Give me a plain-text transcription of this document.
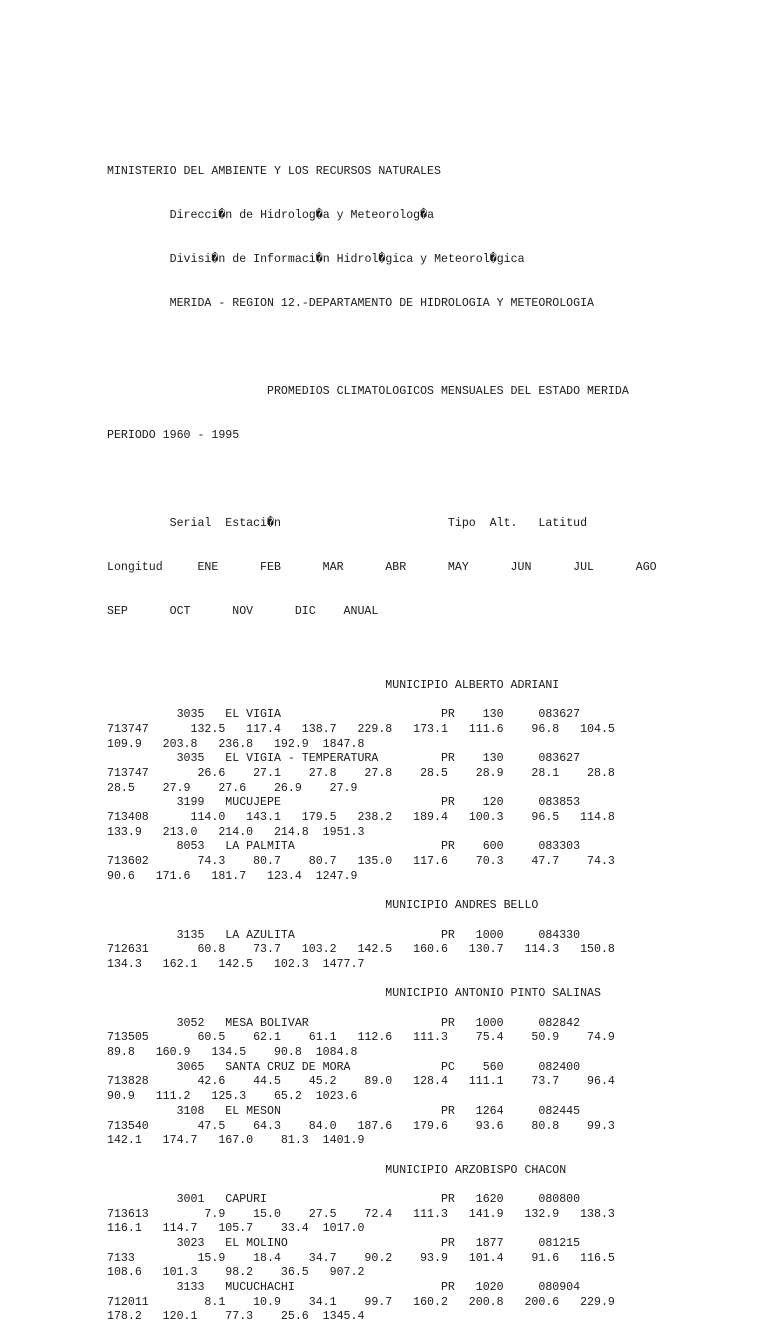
MINISTERIO DEL AMBIENTE Y LOS RECURSOS NATURALES

Direcci�n de Hidrolog�a y Meteorolog�a

Divisi�n de Informaci�n Hidrol�gica y Meteorol�gica

MERIDA - REGION 12.-DEPARTAMENTO DE HIDROLOGIA Y METEOROLOGIA

PROMEDIOS CLIMATOLOGICOS MENSUALES DEL ESTADO MERIDA

PERIODO 1960 - 1995

Serial  Estaci�n                        Tipo  Alt.   Latitud

Longitud     ENE      FEB      MAR      ABR      MAY      JUN      JUL      AGO

SEP      OCT      NOV      DIC    ANUAL

MUNICIPIO ALBERTO ADRIANI
3035   EL VIGIA                       PR    130     083627
713747      132.5   117.4   138.7   229.8   173.1   111.6    96.8   104.5
109.9   203.8   236.8   192.9  1847.8
3035   EL VIGIA - TEMPERATURA         PR    130     083627
713747       26.6    27.1    27.8    27.8    28.5    28.9    28.1    28.8
28.5    27.9    27.6    26.9    27.9
3199   MUCUJEPE                       PR    120     083853
713408      114.0   143.1   179.5   238.2   189.4   100.3    96.5   114.8
133.9   213.0   214.0   214.8  1951.3
8053   LA PALMITA                     PR    600     083303
713602       74.3    80.7    80.7   135.0   117.6    70.3    47.7    74.3
90.6   171.6   181.7   123.4  1247.9
MUNICIPIO ANDRES BELLO
3135   LA AZULITA                     PR   1000     084330
712631       60.8    73.7   103.2   142.5   160.6   130.7   114.3   150.8
134.3   162.1   142.5   102.3  1477.7
MUNICIPIO ANTONIO PINTO SALINAS
3052   MESA BOLIVAR                   PR   1000     082842
713505       60.5    62.1    61.1   112.6   111.3    75.4    50.9    74.9
89.8   160.9   134.5    90.8  1084.8
3065   SANTA CRUZ DE MORA             PC    560     082400
713828       42.6    44.5    45.2    89.0   128.4   111.1    73.7    96.4
90.9   111.2   125.3    65.2  1023.6
3108   EL MESON                       PR   1264     082445
713540       47.5    64.3    84.0   187.6   179.6    93.6    80.8    99.3
142.1   174.7   167.0    81.3  1401.9
MUNICIPIO ARZOBISPO CHACON
3001   CAPURI                         PR   1620     080800
713613        7.9    15.0    27.5    72.4   111.3   141.9   132.9   138.3
116.1   114.7   105.7    33.4  1017.0
3023   EL MOLINO                      PR   1877     081215
7133         15.9    18.4    34.7    90.2    93.9   101.4    91.6   116.5
108.6   101.3    98.2    36.5   907.2
3133   MUCUCHACHI                     PR   1020     080904
712011        8.1    10.9    34.1    99.7   160.2   200.8   200.6   229.9
178.2   120.1    77.3    25.6  1345.4
